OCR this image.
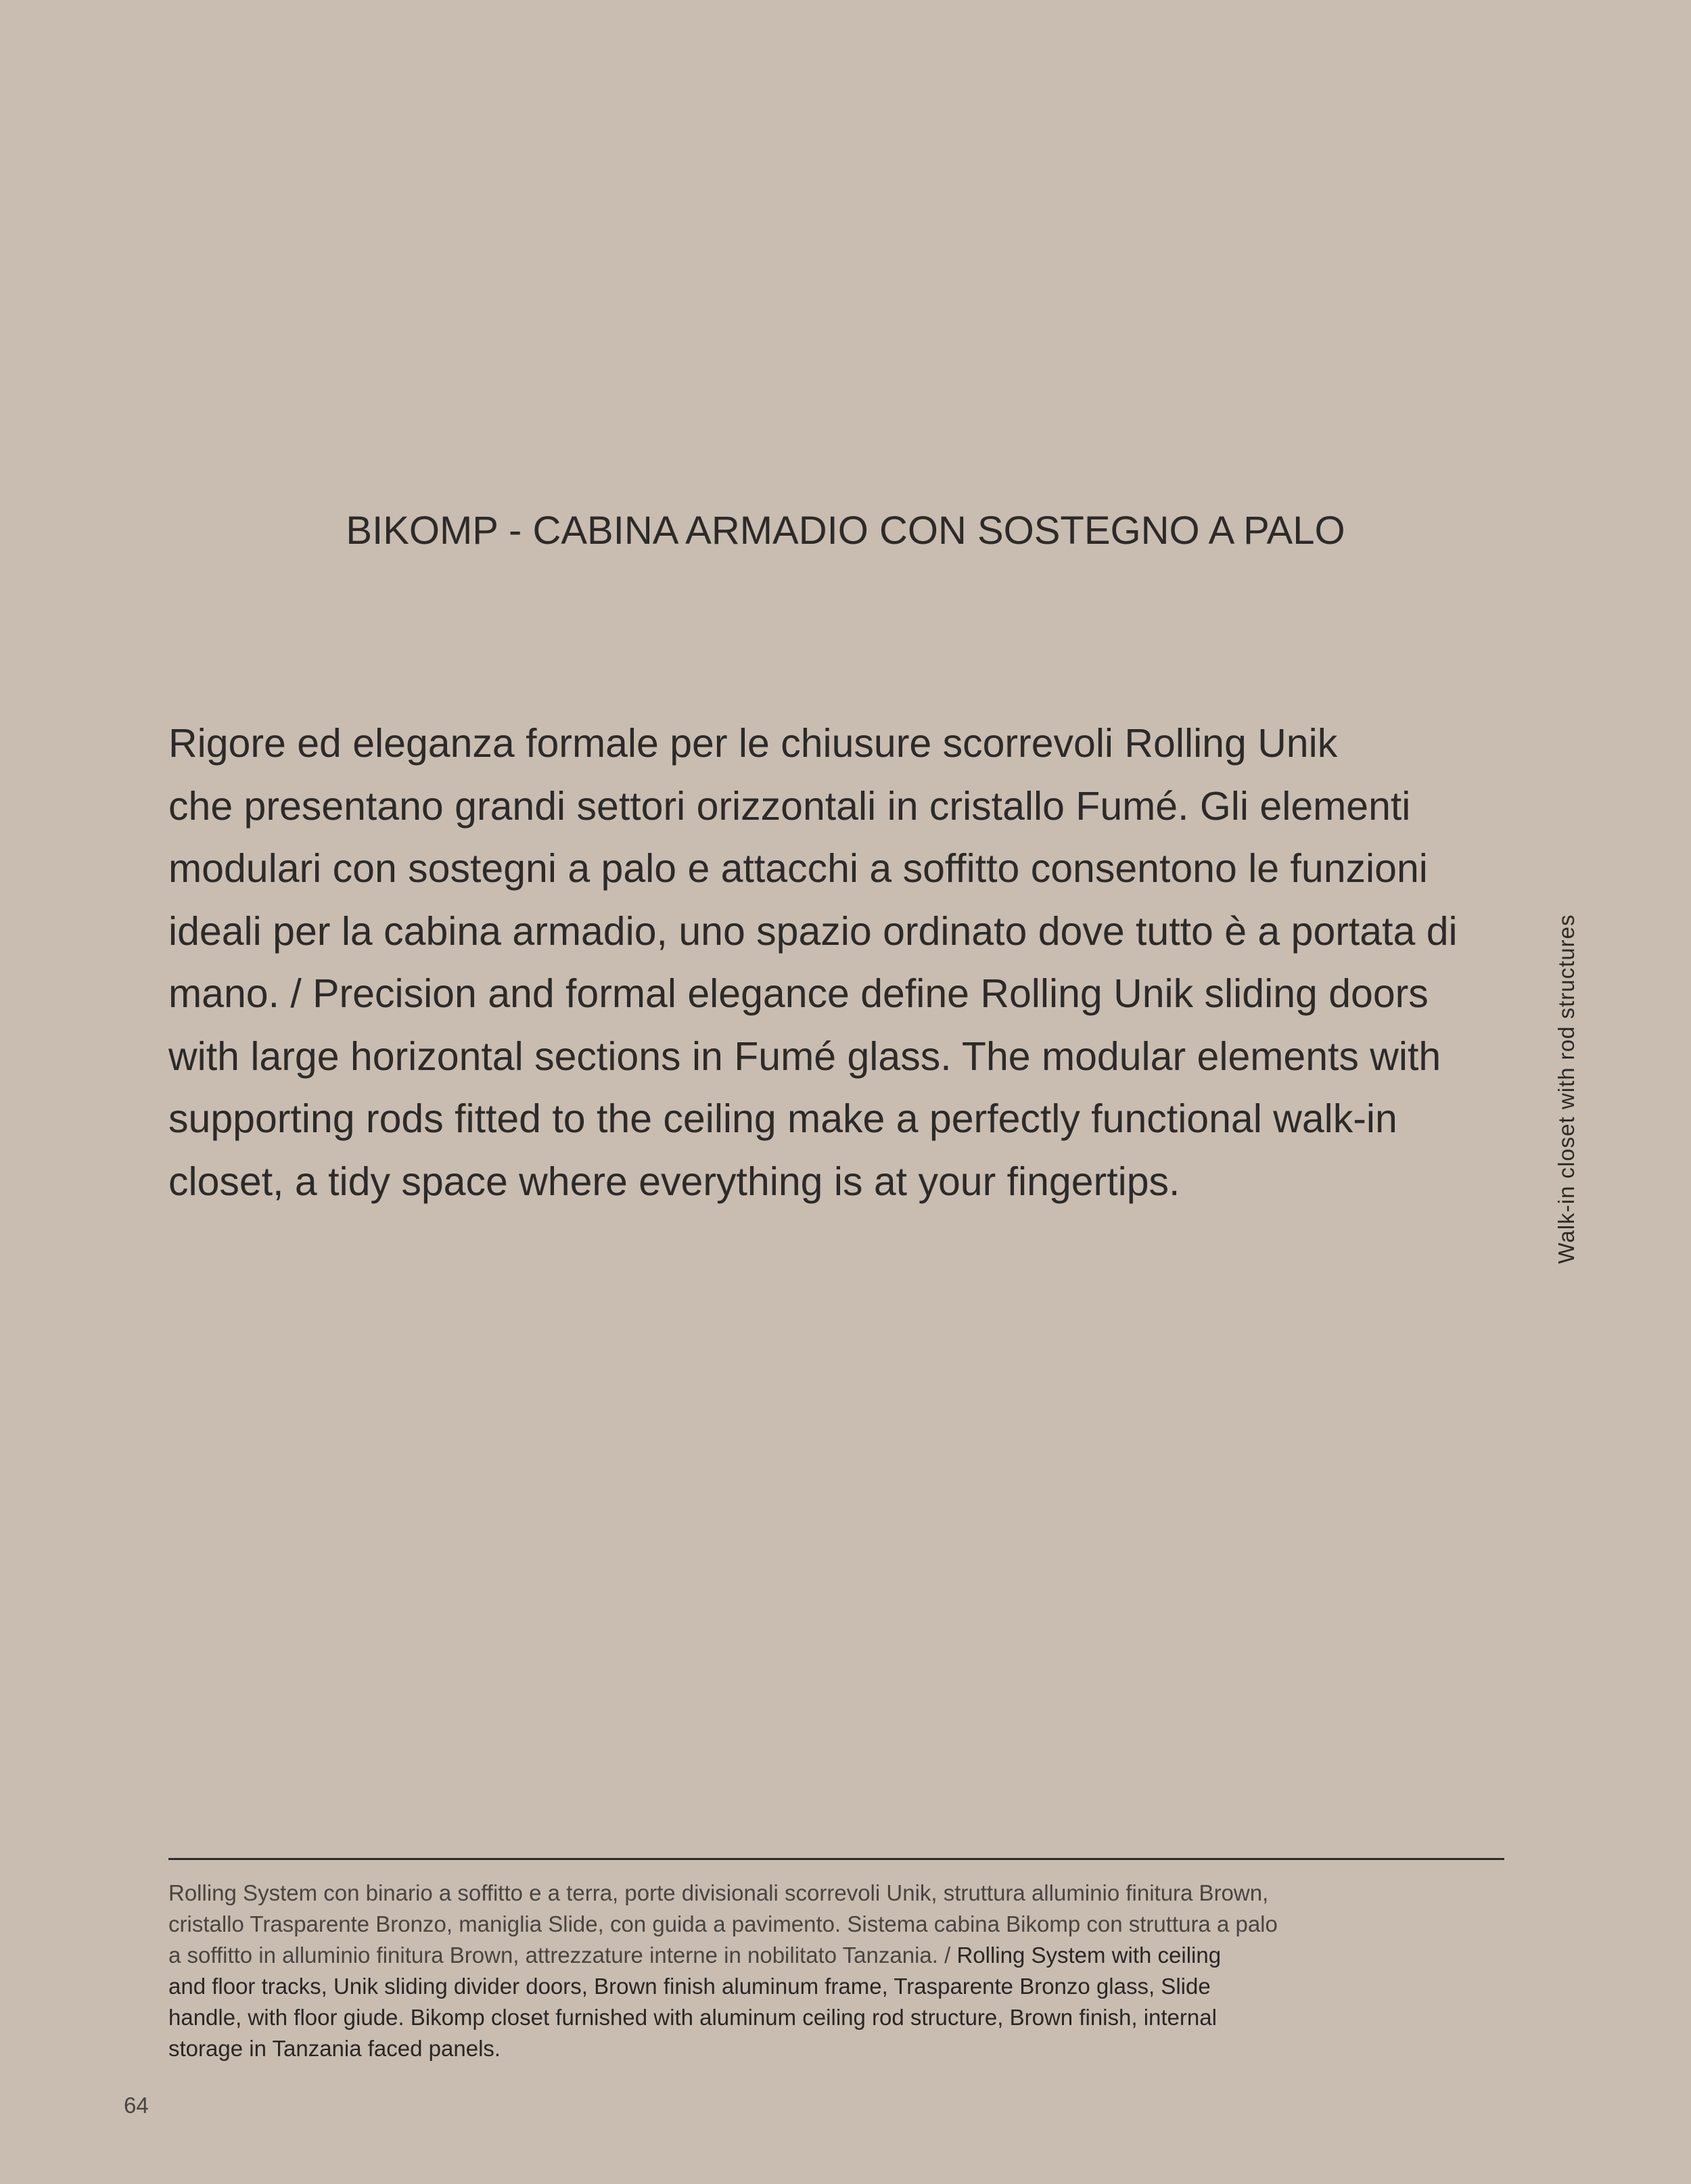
BIKOMP - CABINA ARMADIO CON SOSTEGNO A PALO
Rigore ed eleganza formale per le chiusure scorrevoli Rolling Unik
che presentano grandi settori orizzontali in cristallo Fumé. Gli elementi
modulari con sostegni a palo e attacchi a soffitto consentono le funzioni
ideali per la cabina armadio, uno spazio ordinato dove tutto è a portata di
mano. / Precision and formal elegance define Rolling Unik sliding doors
with large horizontal sections in Fumé glass. The modular elements with
supporting rods fitted to the ceiling make a perfectly functional walk-in
closet, a tidy space where everything is at your fingertips.	Walk-in closet with rod structures
Rolling System con binario a soffitto e a terra, porte divisionali scorrevoli Unik, struttura alluminio finitura Brown,
cristallo Trasparente Bronzo, maniglia Slide, con guida a pavimento. Sistema cabina Bikomp con struttura a palo
a soffitto in alluminio finitura Brown, attrezzature interne in nobilitato Tanzania. / Rolling System with ceiling
and floor tracks, Unik sliding divider doors, Brown finish aluminum frame, Trasparente Bronzo glass, Slide
handle, with floor giude. Bikomp closet furnished with aluminum ceiling rod structure, Brown finish, internal
storage in Tanzania faced panels.
64
